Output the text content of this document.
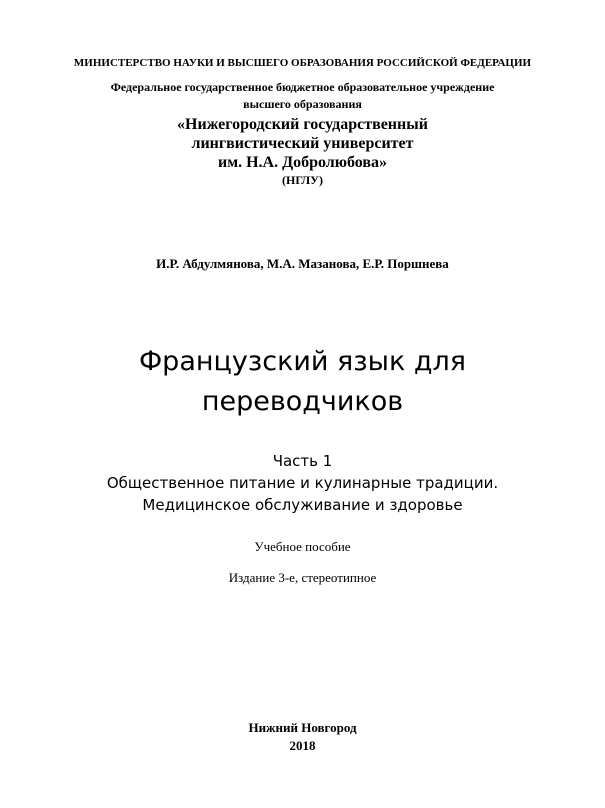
МИНИСТЕРСТВО НАУКИ И ВЫСШЕГО ОБРАЗОВАНИЯ РОССИЙСКОЙ ФЕДЕРАЦИИ
Федеральное государственное бюджетное образовательное учреждение
высшего образования
«Нижегородский государственный
лингвистический университет
им. Н.А. Добролюбова»
(НГЛУ)
И.Р. Абдулмянова, М.А. Мазанова, Е.Р. Поршнева
Французский язык для
переводчиков
Часть 1
Общественное питание и кулинарные традиции.
Медицинское обслуживание и здоровье
Учебное пособие
Издание 3-е, стереотипное
Нижний Новгород
2018
